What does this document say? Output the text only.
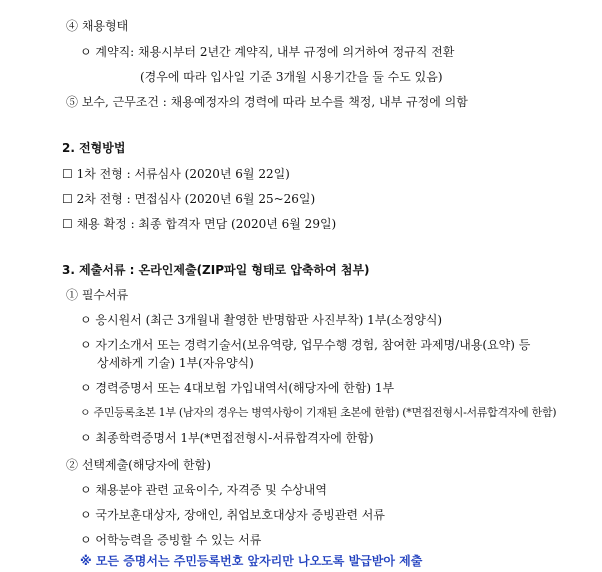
④ 채용형태
ㅇ 계약직: 채용시부터 2년간 계약직, 내부 규정에 의거하여 정규직 전환
(경우에 따라 입사일 기준 3개월 시용기간을 둘 수도 있음)
⑤ 보수, 근무조건 : 채용예정자의 경력에 따라 보수를 책정, 내부 규정에 의함
2. 전형방법
☐ 1차 전형 : 서류심사 (2020년 6월 22일)
☐ 2차 전형 : 면접심사 (2020년 6월 25~26일)
☐ 채용 확정 : 최종 합격자 면담 (2020년 6월 29일)
3. 제출서류 : 온라인제출(ZIP파일 형태로 압축하여 첨부)
① 필수서류
ㅇ 응시원서 (최근 3개월내 촬영한 반명함판 사진부착) 1부(소정양식)
ㅇ 자기소개서 또는 경력기술서(보유역량, 업무수행 경험, 참여한 과제명/내용(요약) 등
상세하게 기술) 1부(자유양식)
ㅇ 경력증명서 또는 4대보험 가입내역서(해당자에 한함) 1부
ㅇ 주민등록초본 1부 (남자의 경우는 병역사항이 기재된 초본에 한함) (*면접전형시-서류합격자에 한함)
ㅇ 최종학력증명서 1부(*면접전형시-서류합격자에 한함)
② 선택제출(해당자에 한함)
ㅇ 채용분야 관련 교육이수, 자격증 및 수상내역
ㅇ 국가보훈대상자, 장애인, 취업보호대상자 증빙관련 서류
ㅇ 어학능력을 증빙할 수 있는 서류
※ 모든 증명서는 주민등록번호 앞자리만 나오도록 발급받아 제출
